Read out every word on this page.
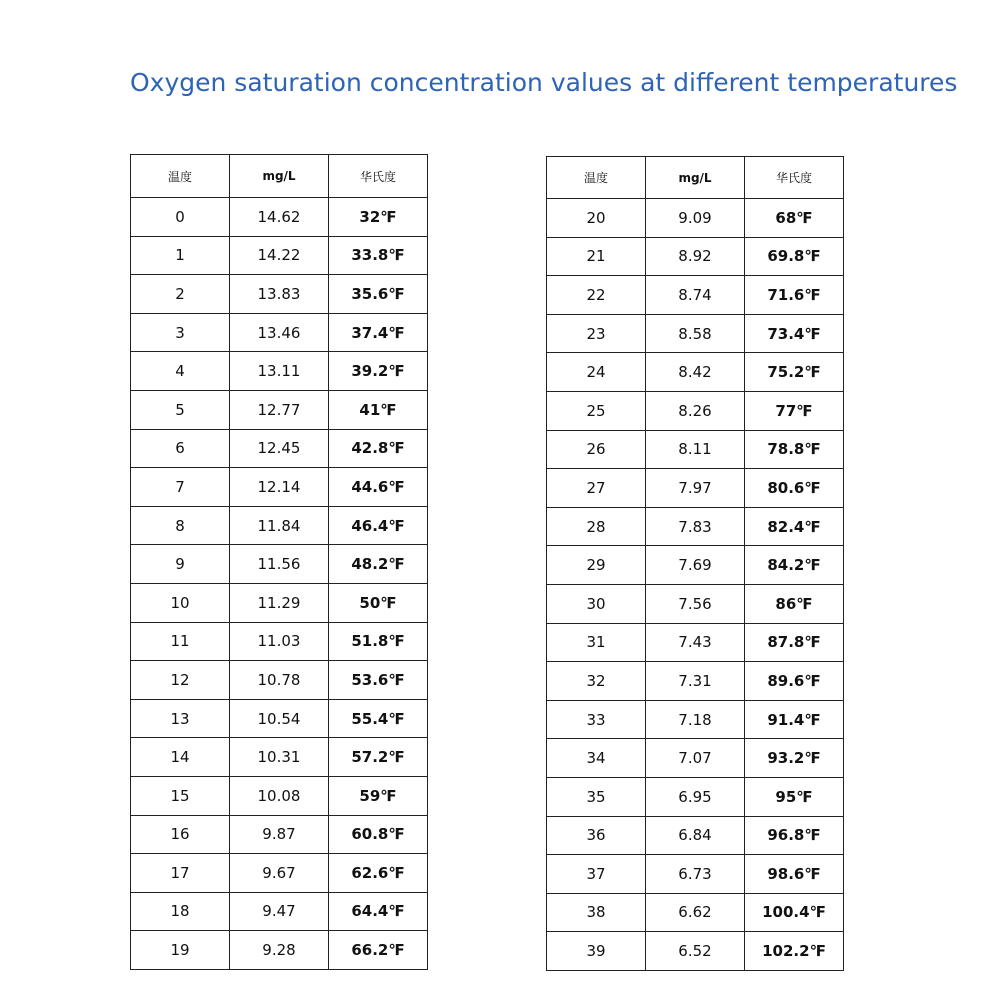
Oxygen saturation concentration values at different temperatures
温度	mg/L	华氏度
0	14.62	32℉
1	14.22	33.8℉
2	13.83	35.6℉
3	13.46	37.4℉
4	13.11	39.2℉
5	12.77	41℉
6	12.45	42.8℉
7	12.14	44.6℉
8	11.84	46.4℉
9	11.56	48.2℉
10	11.29	50℉
11	11.03	51.8℉
12	10.78	53.6℉
13	10.54	55.4℉
14	10.31	57.2℉
15	10.08	59℉
16	9.87	60.8℉
17	9.67	62.6℉
18	9.47	64.4℉
19	9.28	66.2℉
温度	mg/L	华氏度
20	9.09	68℉
21	8.92	69.8℉
22	8.74	71.6℉
23	8.58	73.4℉
24	8.42	75.2℉
25	8.26	77℉
26	8.11	78.8℉
27	7.97	80.6℉
28	7.83	82.4℉
29	7.69	84.2℉
30	7.56	86℉
31	7.43	87.8℉
32	7.31	89.6℉
33	7.18	91.4℉
34	7.07	93.2℉
35	6.95	95℉
36	6.84	96.8℉
37	6.73	98.6℉
38	6.62	100.4℉
39	6.52	102.2℉
